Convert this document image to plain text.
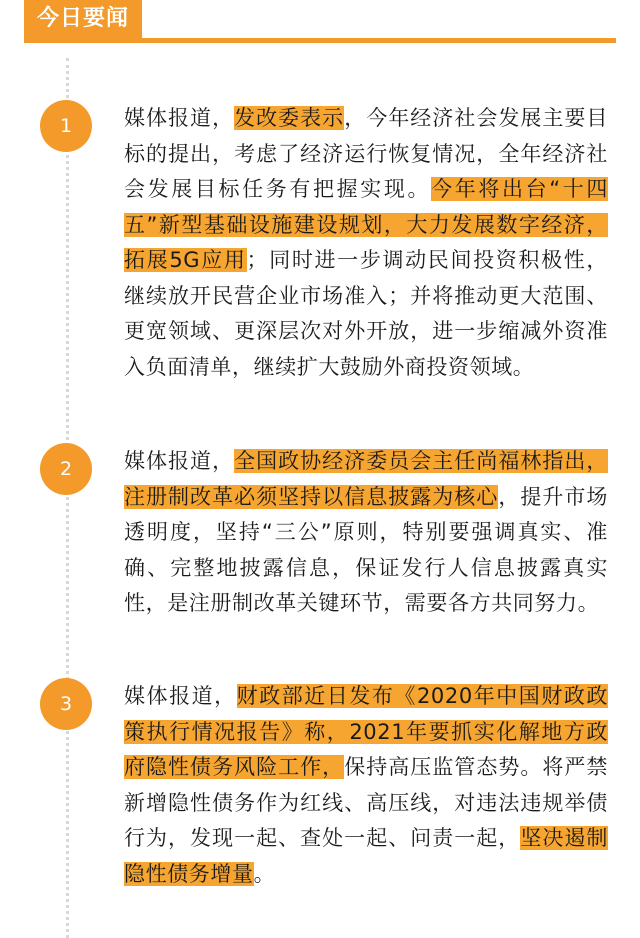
今日要闻
1	媒体报道，发改委表示，今年经济社会发展主要目标的提出，考虑了经济运行恢复情况，全年经济社会发展目标任务有把握实现。今年将出台“十四五”新型基础设施建设规划，大力发展数字经济，拓展5G应用；同时进一步调动民间投资积极性，继续放开民营企业市场准入；并将推动更大范围、更宽领域、更深层次对外开放，进一步缩减外资准入负面清单，继续扩大鼓励外商投资领域。

2	媒体报道，全国政协经济委员会主任尚福林指出，注册制改革必须坚持以信息披露为核心，提升市场透明度，坚持“三公”原则，特别要强调真实、准确、完整地披露信息，保证发行人信息披露真实性，是注册制改革关键环节，需要各方共同努力。

3	媒体报道，财政部近日发布《2020年中国财政政策执行情况报告》称，2021年要抓实化解地方政府隐性债务风险工作，保持高压监管态势。将严禁新增隐性债务作为红线、高压线，对违法违规举债行为，发现一起、查处一起、问责一起，坚决遏制隐性债务增量。
